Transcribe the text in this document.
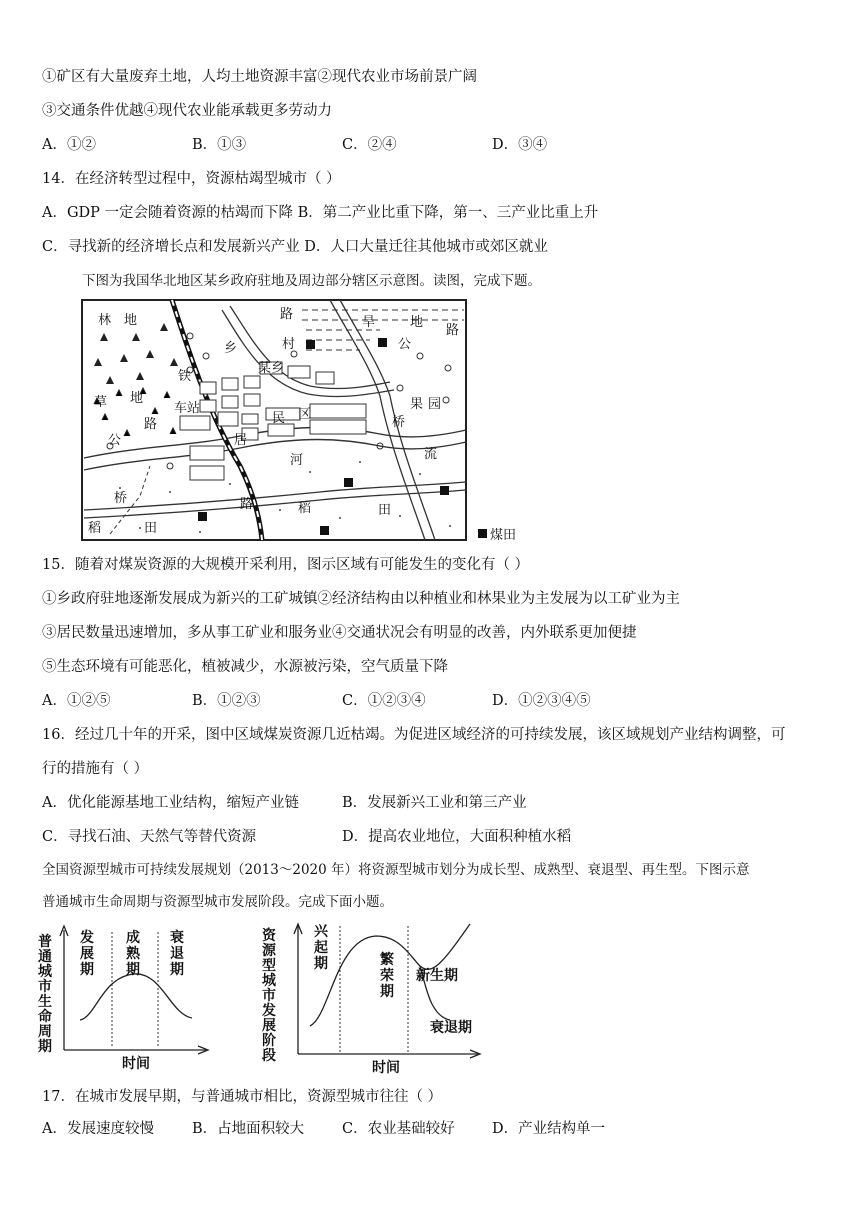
①矿区有大量废弃土地，人均土地资源丰富②现代农业市场前景广阔
③交通条件优越④现代农业能承载更多劳动力
A．①②	B．①③	C．②④	D．③④
14．在经济转型过程中，资源枯竭型城市（ ）
A．GDP 一定会随着资源的枯竭而下降 B．第二产业比重下降，第一、三产业比重上升
C．寻找新的经济增长点和发展新兴产业 D．人口大量迁往其他城市或郊区就业
下图为我国华北地区某乡政府驻地及周边部分辖区示意图。读图，完成下题。
林 地
草 地
铁
车站
路
公
路
村
乡
某乡
旱	地
路
公
果 园
桥
居
民 区
河	流
桥	路	稻	田
稻	田	煤田
15．随着对煤炭资源的大规模开采利用，图示区域有可能发生的变化有（ ）
①乡政府驻地逐渐发展成为新兴的工矿城镇②经济结构由以种植业和林果业为主发展为以工矿业为主
③居民数量迅速增加，多从事工矿业和服务业④交通状况会有明显的改善，内外联系更加便捷
⑤生态环境有可能恶化，植被减少，水源被污染，空气质量下降
A．①②⑤	B．①②③	C．①②③④	D．①②③④⑤
16．经过几十年的开采，图中区域煤炭资源几近枯竭。为促进区域经济的可持续发展，该区域规划产业结构调整，可
行的措施有（ ）
A．优化能源基地工业结构，缩短产业链	B．发展新兴工业和第三产业
C．寻找石油、天然气等替代资源	D．提高农业地位，大面积种植水稻
全国资源型城市可持续发展规划（2013～2020 年）将资源型城市划分为成长型、成熟型、衰退型、再生型。下图示意
普通城市生命周期与资源型城市发展阶段。完成下面小题。
普
通
城
市
生
命
周
期
发
展
期
成
熟
期
衰
退
期
时间
资
源
型
城
市
发
展
阶
段
兴
起
期	繁
荣
期
新生期
衰退期
时间
17．在城市发展早期，与普通城市相比，资源型城市往往（ ）
A．发展速度较慢	B．占地面积较大	C．农业基础较好	D．产业结构单一
